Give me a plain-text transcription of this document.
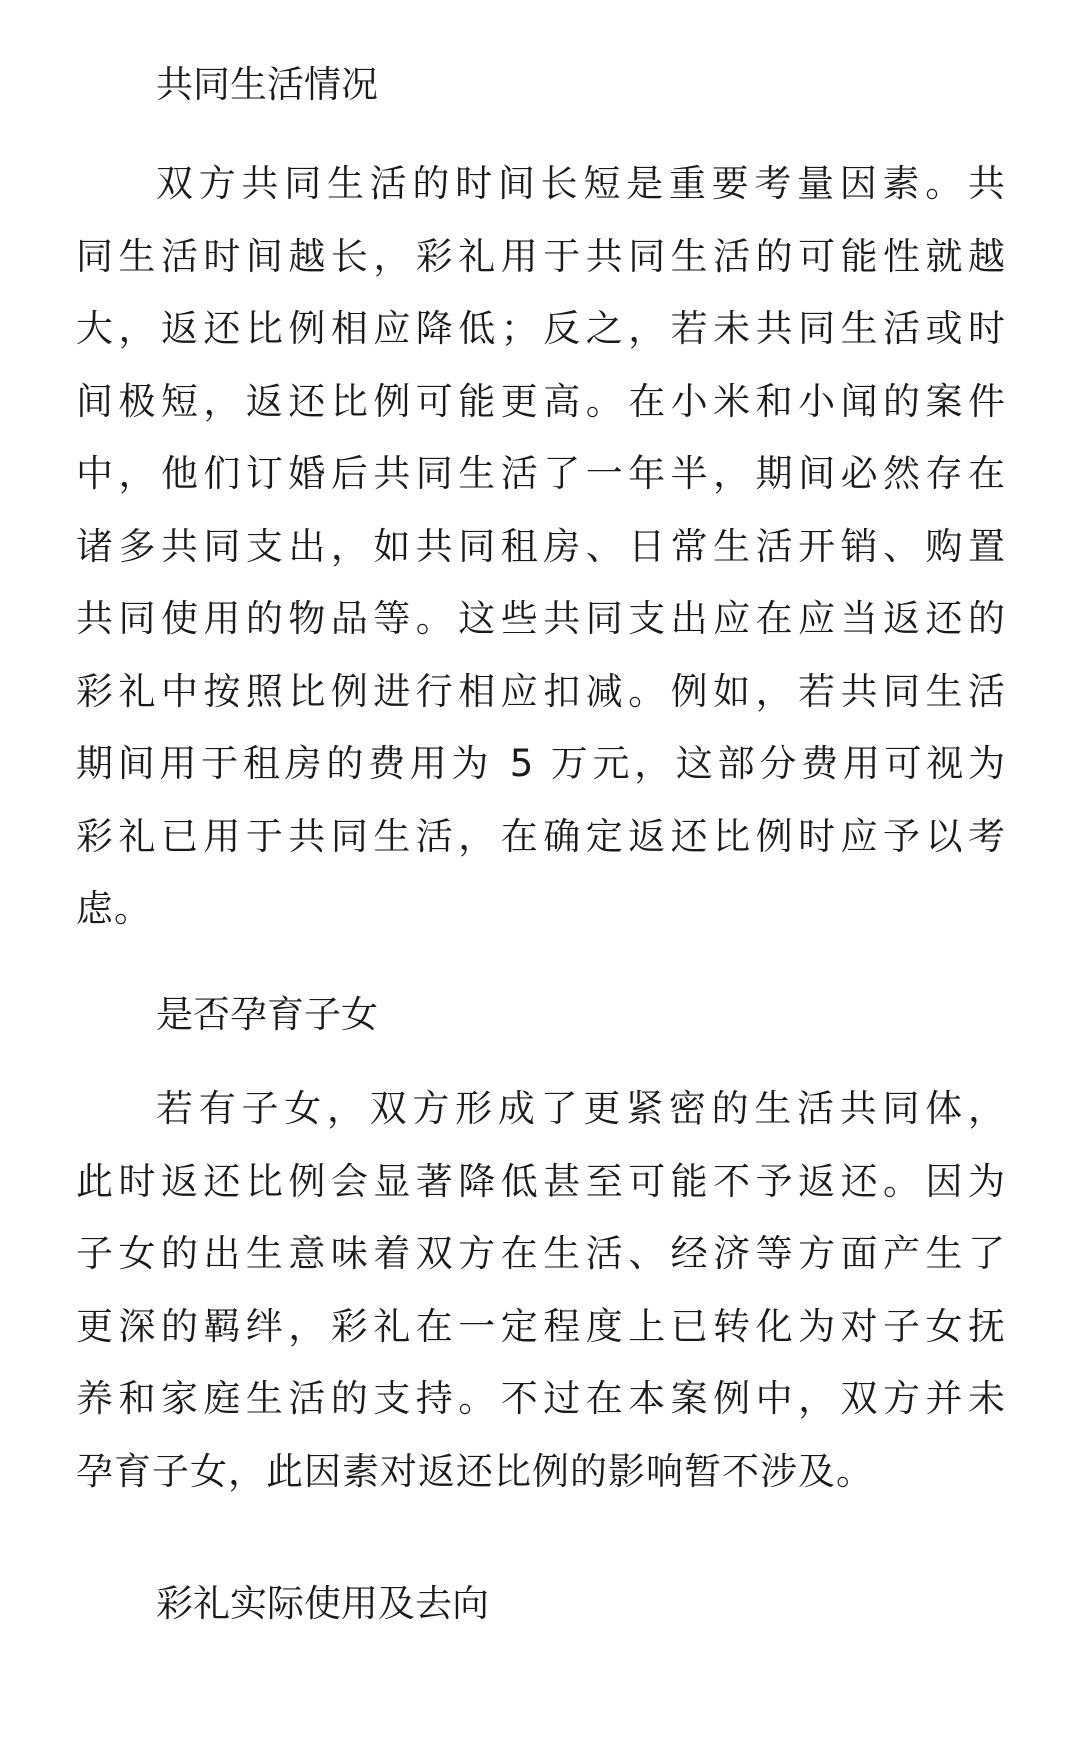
共同生活情况
双方共同生活的时间长短是重要考量因素。共
同生活时间越长，彩礼用于共同生活的可能性就越
大，返还比例相应降低；反之，若未共同生活或时
间极短，返还比例可能更高。在小米和小闻的案件
中，他们订婚后共同生活了一年半，期间必然存在
诸多共同支出，如共同租房、日常生活开销、购置
共同使用的物品等。这些共同支出应在应当返还的
彩礼中按照比例进行相应扣减。例如，若共同生活
期间用于租房的费用为 5 万元，这部分费用可视为
彩礼已用于共同生活，在确定返还比例时应予以考
虑。
是否孕育子女
若有子女，双方形成了更紧密的生活共同体，
此时返还比例会显著降低甚至可能不予返还。因为
子女的出生意味着双方在生活、经济等方面产生了
更深的羁绊，彩礼在一定程度上已转化为对子女抚
养和家庭生活的支持。不过在本案例中，双方并未
孕育子女，此因素对返还比例的影响暂不涉及。
彩礼实际使用及去向
